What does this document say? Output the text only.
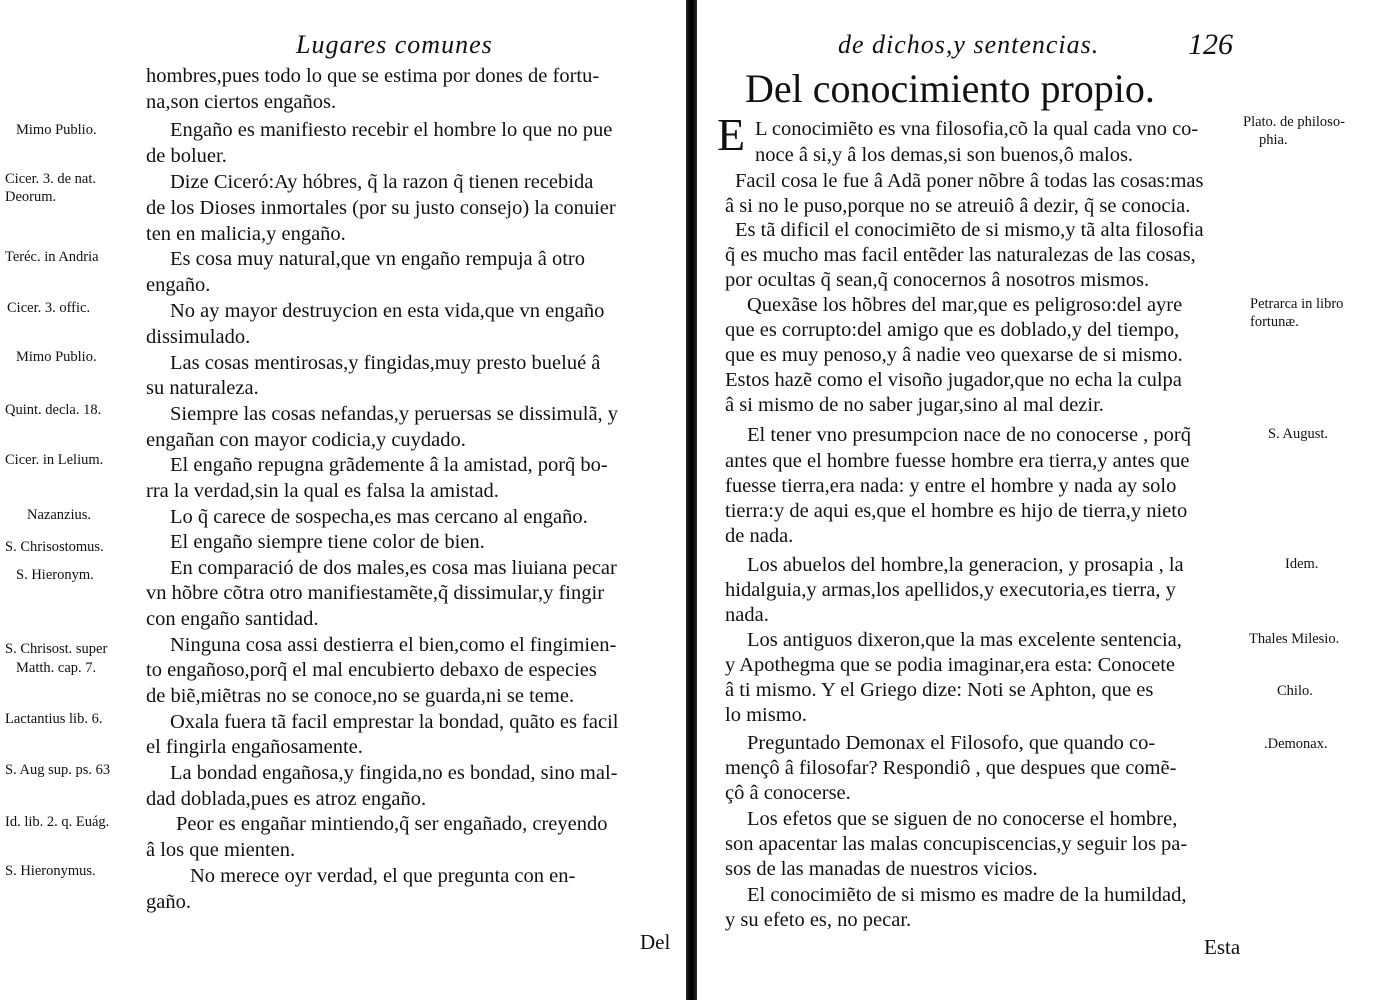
Lugares comunes
hombres,pues todo lo que se estima por dones de fortu-
na,son ciertos engaños.
Engaño es manifiesto recebir el hombre lo que no pue
de boluer.
Dize Ciceró:Ay hóbres, q̃ la razon q̃ tienen recebida
de los Dioses inmortales (por su justo consejo) la conuier
ten en malicia,y engaño.
Es cosa muy natural,que vn engaño rempuja â otro
engaño.
No ay mayor destruycion en esta vida,que vn engaño
dissimulado.
Las cosas mentirosas,y fingidas,muy presto buelué â
su naturaleza.
Siempre las cosas nefandas,y peruersas se dissimulã, y
engañan con mayor codicia,y cuydado.
El engaño repugna grãdemente â la amistad, porq̃ bo-
rra la verdad,sin la qual es falsa la amistad.
Lo q̃ carece de sospecha,es mas cercano al engaño.
El engaño siempre tiene color de bien.
En comparació de dos males,es cosa mas liuiana pecar
vn hõbre cõtra otro manifiestamẽte,q̃ dissimular,y fingir
con engaño santidad.
Ninguna cosa assi destierra el bien,como el fingimien-
to engañoso,porq̃ el mal encubierto debaxo de especies
de biẽ,miẽtras no se conoce,no se guarda,ni se teme.
Oxala fuera tã facil emprestar la bondad, quãto es facil
el fingirla engañosamente.
La bondad engañosa,y fingida,no es bondad, sino mal-
dad doblada,pues es atroz engaño.
Peor es engañar mintiendo,q̃ ser engañado, creyendo
â los que mienten.
No merece oyr verdad, el que pregunta con en-
gaño.
Mimo Publio.
Cicer. 3. de nat.
Deorum.
Teréc. in Andria
Cicer. 3. offic.
Mimo Publio.
Quint. decla. 18.
Cicer. in Lelium.
Nazanzius.
S. Chrisostomus.
S. Hieronym.
S. Chrisost. super
Matth. cap. 7.
Lactantius lib. 6.
S. Aug sup. ps. 63
Id. lib. 2. q. Euág.
S. Hieronymus.
Del
de dichos,y sentencias.	126
Del conocimiento propio.
E L conocimiẽto es vna filosofia,cõ la qual cada vno co-
noce â si,y â los demas,si son buenos,ô malos.
Facil cosa le fue â Adã poner nõbre â todas las cosas:mas
â si no le puso,porque no se atreuiô â dezir, q̃ se conocia.
Es tã dificil el conocimiẽto de si mismo,y tã alta filosofia
q̃ es mucho mas facil entẽder las naturalezas de las cosas,
por ocultas q̃ sean,q̃ conocernos â nosotros mismos.
Quexãse los hõbres del mar,que es peligroso:del ayre
que es corrupto:del amigo que es doblado,y del tiempo,
que es muy penoso,y â nadie veo quexarse de si mismo.
Estos hazẽ como el visoño jugador,que no echa la culpa
â si mismo de no saber jugar,sino al mal dezir.
El tener vno presumpcion nace de no conocerse , porq̃
antes que el hombre fuesse hombre era tierra,y antes que
fuesse tierra,era nada: y entre el hombre y nada ay solo
tierra:y de aqui es,que el hombre es hijo de tierra,y nieto
de nada.
Los abuelos del hombre,la generacion, y prosapia , la
hidalguia,y armas,los apellidos,y executoria,es tierra, y
nada.
Los antiguos dixeron,que la mas excelente sentencia,
y Apothegma que se podia imaginar,era esta: Conocete
â ti mismo. Y el Griego dize: Noti se Aphton, que es
lo mismo.
Preguntado Demonax el Filosofo, que quando co-
mençô â filosofar? Respondiô , que despues que comẽ-
çô â conocerse.
Los efetos que se siguen de no conocerse el hombre,
son apacentar las malas concupiscencias,y seguir los pa-
sos de las manadas de nuestros vicios.
El conocimiẽto de si mismo es madre de la humildad,
y su efeto es, no pecar.
Plato. de philoso-
phia.
Petrarca in libro
fortunæ.
S. August.
Idem.
Thales Milesio.
Chilo.
.Demonax.
Esta
